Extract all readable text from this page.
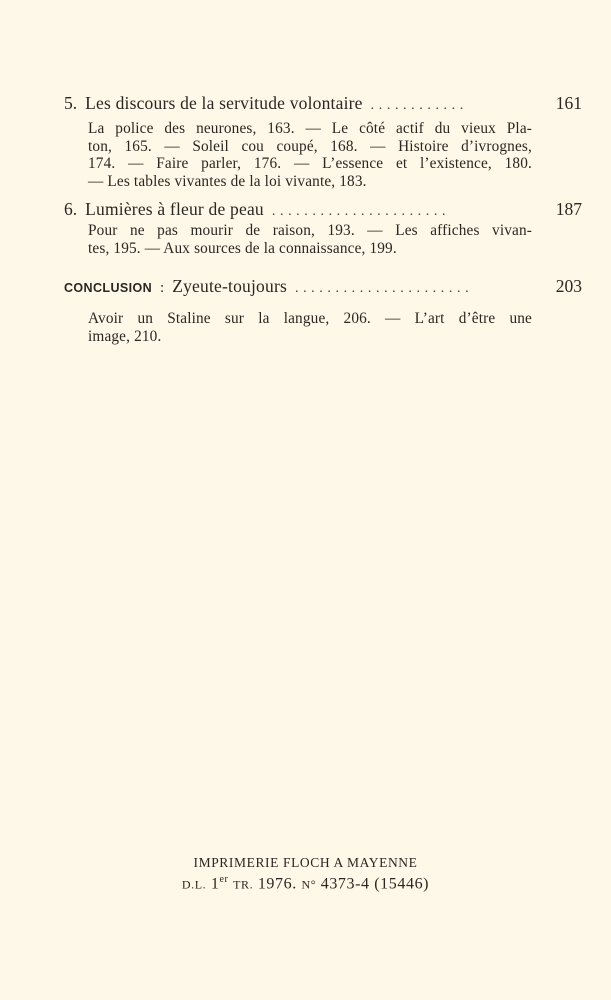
5. Les discours de la servitude volontaire ............	161
La police des neurones, 163. — Le côté actif du vieux Pla-
ton, 165. — Soleil cou coupé, 168. — Histoire d’ivrognes,
174. — Faire parler, 176. — L’essence et l’existence, 180.
— Les tables vivantes de la loi vivante, 183.
6. Lumières à fleur de peau ......................	187
Pour ne pas mourir de raison, 193. — Les affiches vivan-
tes, 195. — Aux sources de la connaissance, 199.
CONCLUSION : Zyeute-toujours ......................	203
Avoir un Staline sur la langue, 206. — L’art d’être une
image, 210.
IMPRIMERIE FLOCH A MAYENNE
D.L. 1er TR. 1976. N° 4373-4 (15446)
